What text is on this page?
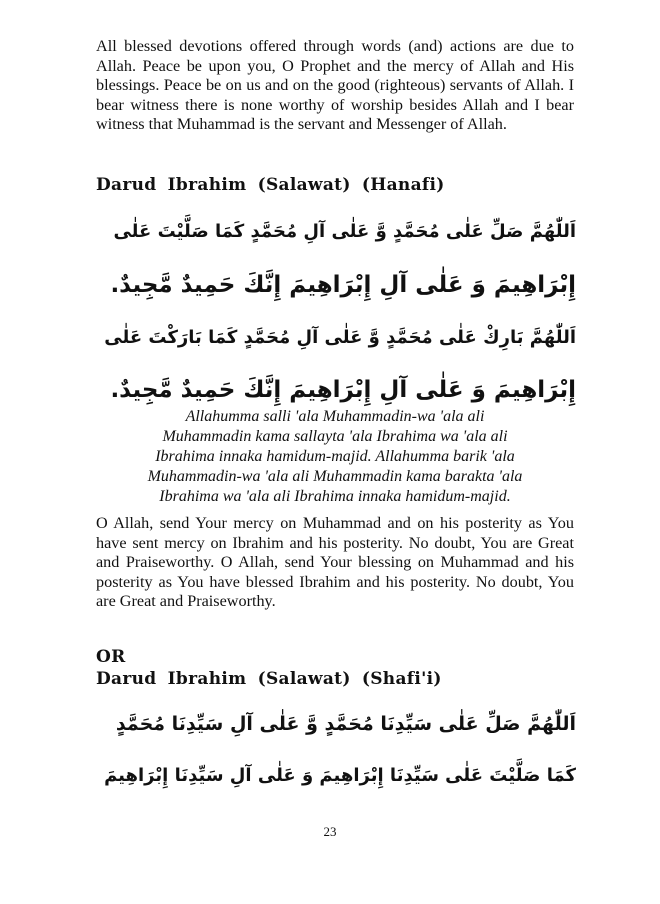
All blessed devotions offered through words (and) actions are due to Allah. Peace be upon you, O Prophet and the mercy of Allah and His blessings. Peace be on us and on the good (righteous) servants of Allah. I bear witness there is none worthy of worship besides Allah and I bear witness that Muhammad is the servant and Messenger of Allah.

Darud Ibrahim (Salawat) (Hanafi)

اَللّٰهُمَّ صَلِّ عَلٰى مُحَمَّدٍ وَّ عَلٰى آلِ مُحَمَّدٍ كَمَا صَلَّيْتَ عَلٰى

إِبْرَاهِيمَ وَ عَلٰى آلِ إِبْرَاهِيمَ إِنَّكَ حَمِيدٌ مَّجِيدٌ.

اَللّٰهُمَّ بَارِكْ عَلٰى مُحَمَّدٍ وَّ عَلٰى آلِ مُحَمَّدٍ كَمَا بَارَكْتَ عَلٰى

إِبْرَاهِيمَ وَ عَلٰى آلِ إِبْرَاهِيمَ إِنَّكَ حَمِيدٌ مَّجِيدٌ.

Allahumma salli 'ala Muhammadin-wa 'ala ali
Muhammadin kama sallayta 'ala Ibrahima wa 'ala ali
Ibrahima innaka hamidum-majid. Allahumma barik 'ala
Muhammadin-wa 'ala ali Muhammadin kama barakta 'ala
Ibrahima wa 'ala ali Ibrahima innaka hamidum-majid.

O Allah, send Your mercy on Muhammad and on his posterity as You have sent mercy on Ibrahim and his posterity. No doubt, You are Great and Praiseworthy. O Allah, send Your blessing on Muhammad and his posterity as You have blessed Ibrahim and his posterity. No doubt, You are Great and Praiseworthy.

OR
Darud Ibrahim (Salawat) (Shafi'i)

اَللّٰهُمَّ صَلِّ عَلٰى سَيِّدِنَا مُحَمَّدٍ وَّ عَلٰى آلِ سَيِّدِنَا مُحَمَّدٍ

كَمَا صَلَّيْتَ عَلٰى سَيِّدِنَا إِبْرَاهِيمَ وَ عَلٰى آلِ سَيِّدِنَا إِبْرَاهِيمَ

23
